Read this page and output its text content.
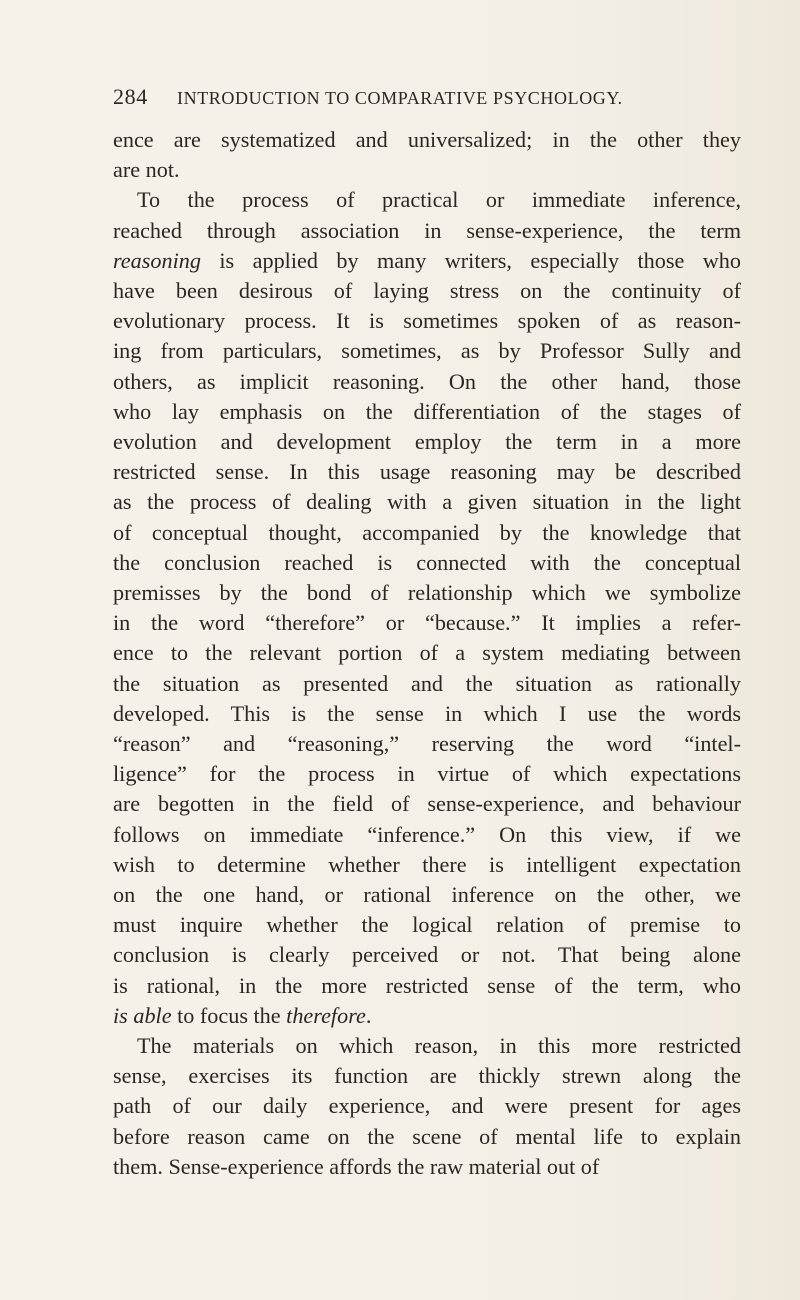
284 INTRODUCTION TO COMPARATIVE PSYCHOLOGY.
ence are systematized and universalized; in the other they
are not.
To the process of practical or immediate inference,
reached through association in sense-experience, the term
reasoning is applied by many writers, especially those who
have been desirous of laying stress on the continuity of
evolutionary process. It is sometimes spoken of as reason-
ing from particulars, sometimes, as by Professor Sully and
others, as implicit reasoning. On the other hand, those
who lay emphasis on the differentiation of the stages of
evolution and development employ the term in a more
restricted sense. In this usage reasoning may be described
as the process of dealing with a given situation in the light
of conceptual thought, accompanied by the knowledge that
the conclusion reached is connected with the conceptual
premisses by the bond of relationship which we symbolize
in the word “therefore” or “because.” It implies a refer-
ence to the relevant portion of a system mediating between
the situation as presented and the situation as rationally
developed. This is the sense in which I use the words
“reason” and “reasoning,” reserving the word “intel-
ligence” for the process in virtue of which expectations
are begotten in the field of sense-experience, and behaviour
follows on immediate “inference.” On this view, if we
wish to determine whether there is intelligent expectation
on the one hand, or rational inference on the other, we
must inquire whether the logical relation of premise to
conclusion is clearly perceived or not. That being alone
is rational, in the more restricted sense of the term, who
is able to focus the therefore.
The materials on which reason, in this more restricted
sense, exercises its function are thickly strewn along the
path of our daily experience, and were present for ages
before reason came on the scene of mental life to explain
them. Sense-experience affords the raw material out of
